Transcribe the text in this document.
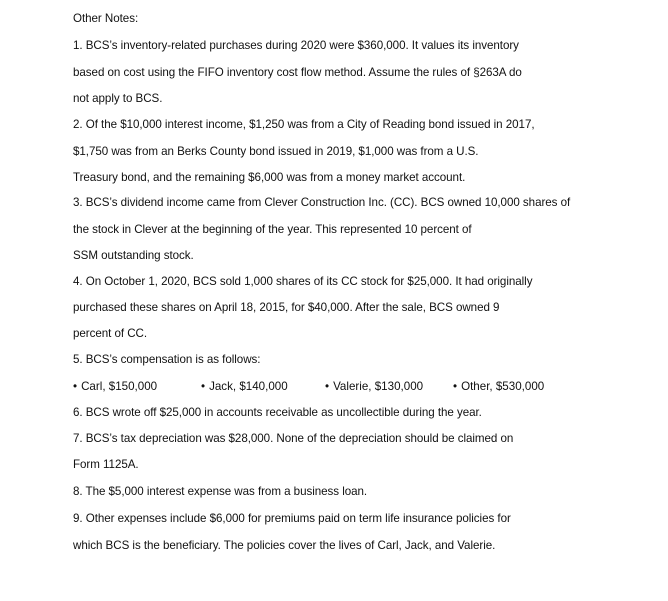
Other Notes:
1. BCS’s inventory-related purchases during 2020 were $360,000. It values its inventory
based on cost using the FIFO inventory cost flow method. Assume the rules of §263A do
not apply to BCS.
2. Of the $10,000 interest income, $1,250 was from a City of Reading bond issued in 2017,
$1,750 was from an Berks County bond issued in 2019, $1,000 was from a U.S.
Treasury bond, and the remaining $6,000 was from a money market account.
3. BCS’s dividend income came from Clever Construction Inc. (CC). BCS owned 10,000 shares of
the stock in Clever at the beginning of the year. This represented 10 percent of
SSM outstanding stock.
4. On October 1, 2020, BCS sold 1,000 shares of its CC stock for $25,000. It had originally
purchased these shares on April 18, 2015, for $40,000. After the sale, BCS owned 9
percent of CC.
5. BCS’s compensation is as follows:
• Carl, $150,000	• Jack, $140,000	• Valerie, $130,000	• Other, $530,000
6. BCS wrote off $25,000 in accounts receivable as uncollectible during the year.
7. BCS’s tax depreciation was $28,000. None of the depreciation should be claimed on
Form 1125A.
8. The $5,000 interest expense was from a business loan.
9. Other expenses include $6,000 for premiums paid on term life insurance policies for
which BCS is the beneficiary. The policies cover the lives of Carl, Jack, and Valerie.
